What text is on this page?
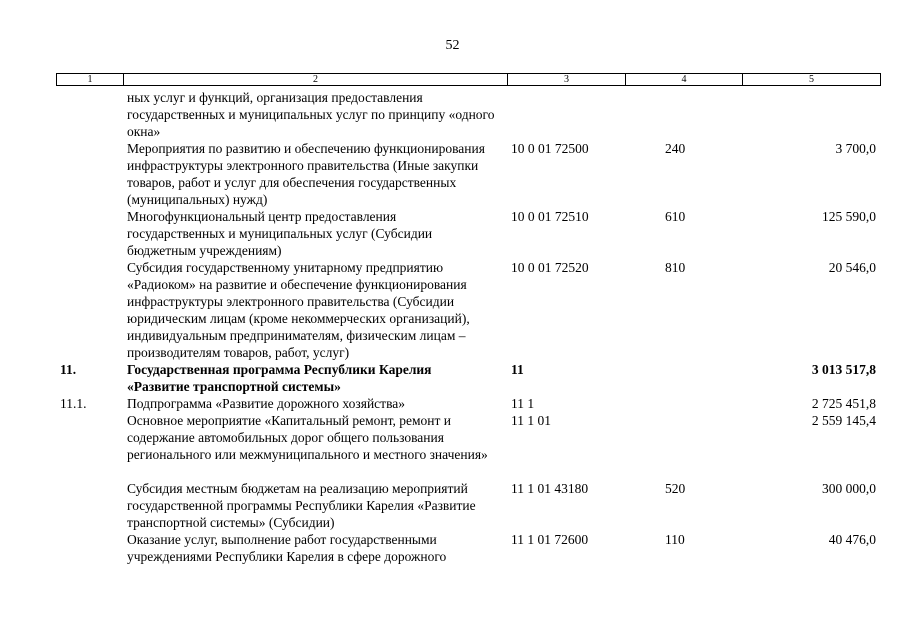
52
1	2	3	4	5
	ных услуг и функций, организация предоставления государственных и муниципальных услуг по принципу «одного окна»			
	Мероприятия по развитию и обеспечению функционирования инфраструктуры электронного правительства (Иные закупки товаров, работ и услуг для обеспечения государственных (муниципальных) нужд)	10 0 01 72500	240	3 700,0
	Многофункциональный центр предоставления государственных и муниципальных услуг (Субсидии бюджетным учреждениям)	10 0 01 72510	610	125 590,0
	Субсидия государственному унитарному предприятию «Радиоком» на развитие и обеспечение функционирования инфраструктуры электронного правительства (Субсидии юридическим лицам (кроме некоммерческих организаций), индивидуальным предпринимателям, физическим лицам – производителям товаров, работ, услуг)	10 0 01 72520	810	20 546,0
11.	Государственная программа Республики Карелия «Развитие транспортной системы»	11		3 013 517,8
11.1.	Подпрограмма «Развитие дорожного хозяйства»	11 1		2 725 451,8
	Основное мероприятие «Капитальный ремонт, ремонт и содержание автомобильных дорог общего пользования регионального или межмуниципального и местного значения»	11 1 01		2 559 145,4
	Субсидия местным бюджетам на реализацию мероприятий государственной программы Республики Карелия «Развитие транспортной системы» (Субсидии)	11 1 01 43180	520	300 000,0
	Оказание услуг, выполнение работ государственными учреждениями Республики Карелия в сфере дорожного	11 1 01 72600	110	40 476,0
